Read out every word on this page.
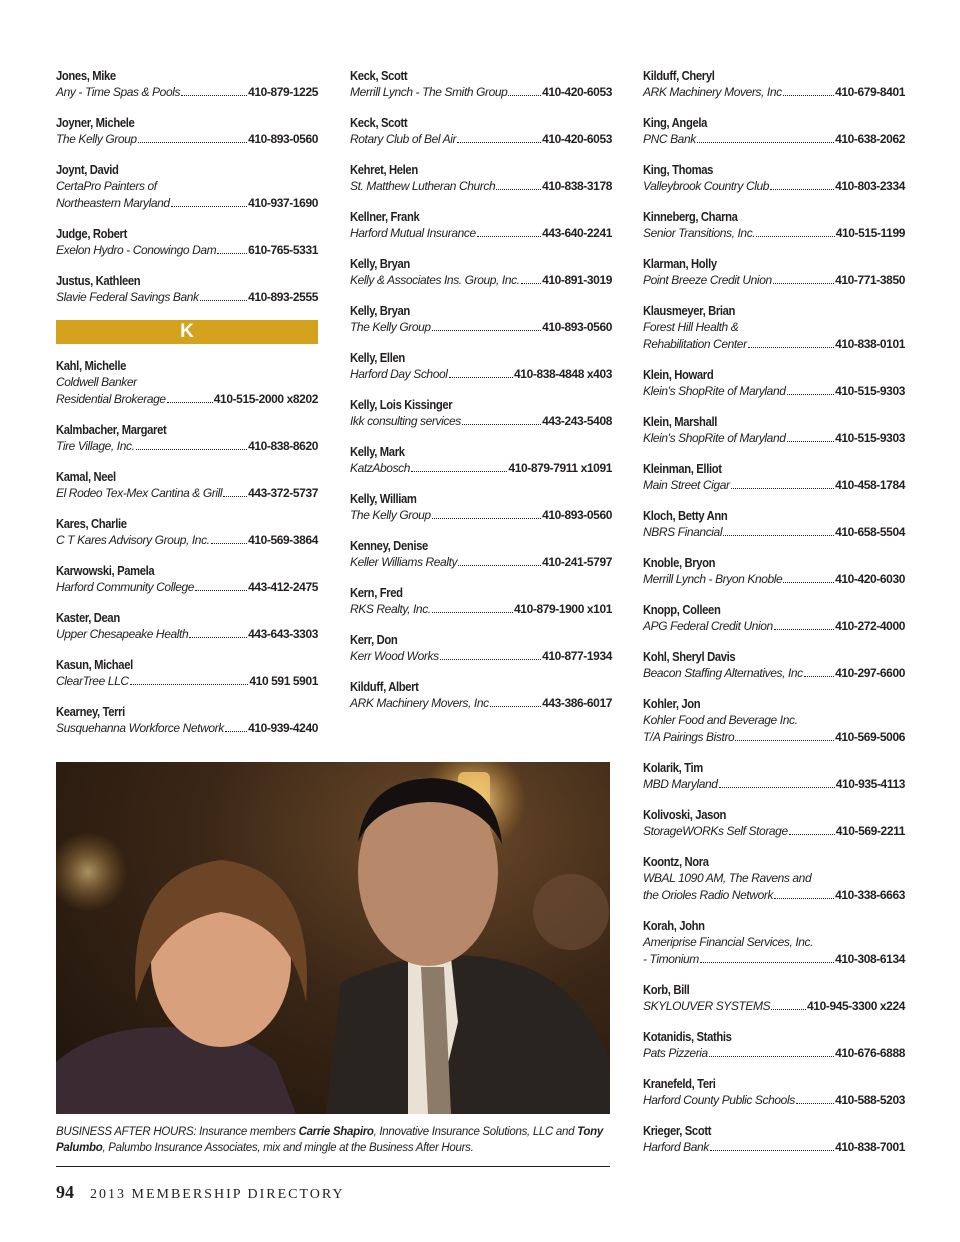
Jones, Mike
Any - Time Spas & Pools	410-879-1225
Joyner, Michele
The Kelly Group	410-893-0560
Joynt, David
CertaPro Painters of
Northeastern Maryland	410-937-1690
Judge, Robert
Exelon Hydro - Conowingo Dam	610-765-5331
Justus, Kathleen
Slavie Federal Savings Bank	410-893-2555
K
Kahl, Michelle
Coldwell Banker
Residential Brokerage	410-515-2000 x8202
Kalmbacher, Margaret
Tire Village, Inc.	410-838-8620
Kamal, Neel
El Rodeo Tex-Mex Cantina & Grill 443-372-5737
Kares, Charlie
C T Kares Advisory Group, Inc.	410-569-3864
Karwowski, Pamela
Harford Community College	443-412-2475
Kaster, Dean
Upper Chesapeake Health	443-643-3303
Kasun, Michael
ClearTree LLC	410 591 5901
Kearney, Terri
Susquehanna Workforce Network 410-939-4240
Keck, Scott
Merrill Lynch - The Smith Group	410-420-6053
Keck, Scott
Rotary Club of Bel Air	410-420-6053
Kehret, Helen
St. Matthew Lutheran Church	410-838-3178
Kellner, Frank
Harford Mutual Insurance	443-640-2241
Kelly, Bryan
Kelly & Associates Ins. Group, Inc. 410-891-3019
Kelly, Bryan
The Kelly Group	410-893-0560
Kelly, Ellen
Harford Day School	410-838-4848 x403
Kelly, Lois Kissinger
Ikk consulting services	443-243-5408
Kelly, Mark
KatzAbosch	410-879-7911 x1091
Kelly, William
The Kelly Group	410-893-0560
Kenney, Denise
Keller Williams Realty	410-241-5797
Kern, Fred
RKS Realty, Inc.	410-879-1900 x101
Kerr, Don
Kerr Wood Works	410-877-1934
Kilduff, Albert
ARK Machinery Movers, Inc	443-386-6017
Kilduff, Cheryl
ARK Machinery Movers, Inc	410-679-8401
King, Angela
PNC Bank	410-638-2062
King, Thomas
Valleybrook Country Club	410-803-2334
Kinneberg, Charna
Senior Transitions, Inc.	410-515-1199
Klarman, Holly
Point Breeze Credit Union	410-771-3850
Klausmeyer, Brian
Forest Hill Health &
Rehabilitation Center	410-838-0101
Klein, Howard
Klein's ShopRite of Maryland	410-515-9303
Klein, Marshall
Klein's ShopRite of Maryland	410-515-9303
Kleinman, Elliot
Main Street Cigar	410-458-1784
Kloch, Betty Ann
NBRS Financial	410-658-5504
Knoble, Bryon
Merrill Lynch - Bryon Knoble	410-420-6030
Knopp, Colleen
APG Federal Credit Union	410-272-4000
Kohl, Sheryl Davis
Beacon Staffing Alternatives, Inc	410-297-6600
Kohler, Jon
Kohler Food and Beverage Inc.
T/A Pairings Bistro	410-569-5006
Kolarik, Tim
MBD Maryland	410-935-4113
Kolivoski, Jason
StorageWORKs Self Storage	410-569-2211
Koontz, Nora
WBAL 1090 AM, The Ravens and
the Orioles Radio Network	410-338-6663
Korah, John
Ameriprise Financial Services, Inc.
- Timonium	410-308-6134
Korb, Bill
SKYLOUVER SYSTEMS	410-945-3300 x224
Kotanidis, Stathis
Pats Pizzeria	410-676-6888
Kranefeld, Teri
Harford County Public Schools	410-588-5203
Krieger, Scott
Harford Bank	410-838-7001
BUSINESS AFTER HOURS: Insurance members Carrie Shapiro, Innovative Insurance Solutions, LLC and Tony Palumbo, Palumbo Insurance Associates, mix and mingle at the Business After Hours.
94 2013 MEMBERSHIP DIRECTORY
